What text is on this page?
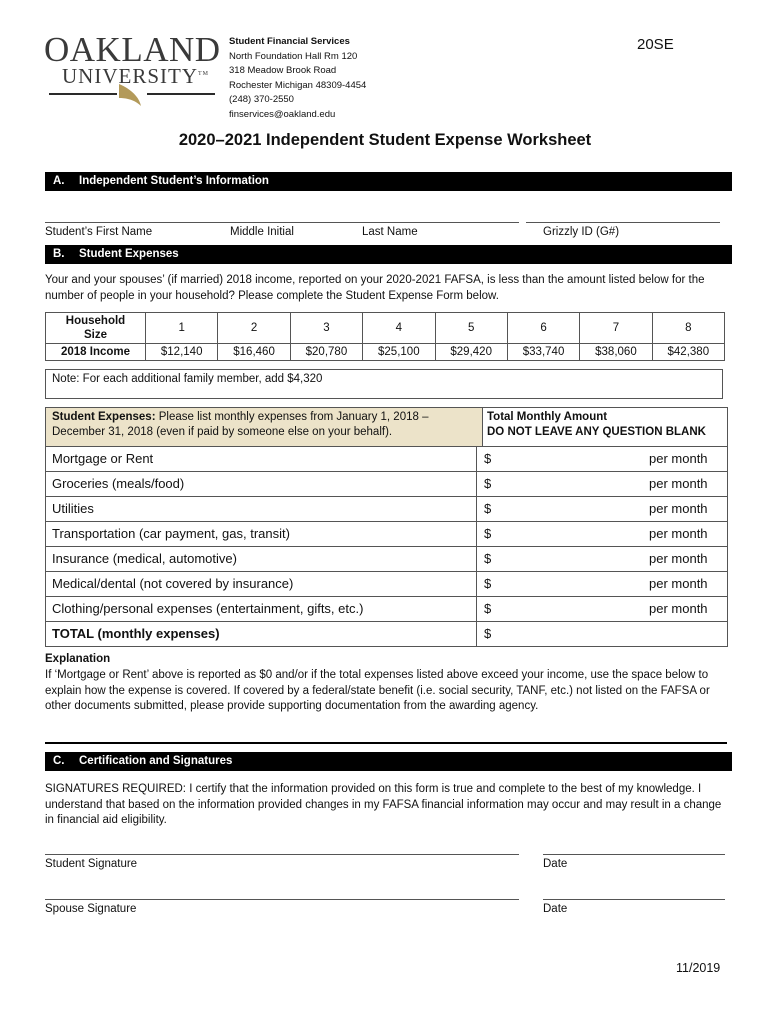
OAKLAND
UNIVERSITY™
Student Financial Services
North Foundation Hall Rm 120
318 Meadow Brook Road
Rochester Michigan 48309-4454
(248) 370-2550
finservices@oakland.edu
20SE
2020–2021 Independent Student Expense Worksheet
A. Independent Student’s Information
Student’s First Name	Middle Initial	Last Name	Grizzly ID (G#)
B. Student Expenses
Your and your spouses’ (if married) 2018 income, reported on your 2020-2021 FAFSA, is less than the amount listed below for the number of people in your household? Please complete the Student Expense Form below.
Household
Size	1	2	3	4	5	6	7	8
2018 Income	$12,140	$16,460	$20,780	$25,100	$29,420	$33,740	$38,060	$42,380
Note: For each additional family member, add $4,320
Student Expenses: Please list monthly expenses from January 1, 2018 – December 31, 2018 (even if paid by someone else on your behalf).
Total Monthly Amount
DO NOT LEAVE ANY QUESTION BLANK
Mortgage or Rent	$	per month
Groceries (meals/food)	$	per month
Utilities	$	per month
Transportation (car payment, gas, transit)	$	per month
Insurance (medical, automotive)	$	per month
Medical/dental (not covered by insurance)	$	per month
Clothing/personal expenses (entertainment, gifts, etc.)	$	per month
TOTAL (monthly expenses)	$
Explanation
If ‘Mortgage or Rent’ above is reported as $0 and/or if the total expenses listed above exceed your income, use the space below to explain how the expense is covered. If covered by a federal/state benefit (i.e. social security, TANF, etc.) not listed on the FAFSA or other documents submitted, please provide supporting documentation from the awarding agency.
C. Certification and Signatures
SIGNATURES REQUIRED: I certify that the information provided on this form is true and complete to the best of my knowledge. I understand that based on the information provided changes in my FAFSA financial information may occur and may result in a change in financial aid eligibility.
Student Signature	Date
Spouse Signature	Date
11/2019
